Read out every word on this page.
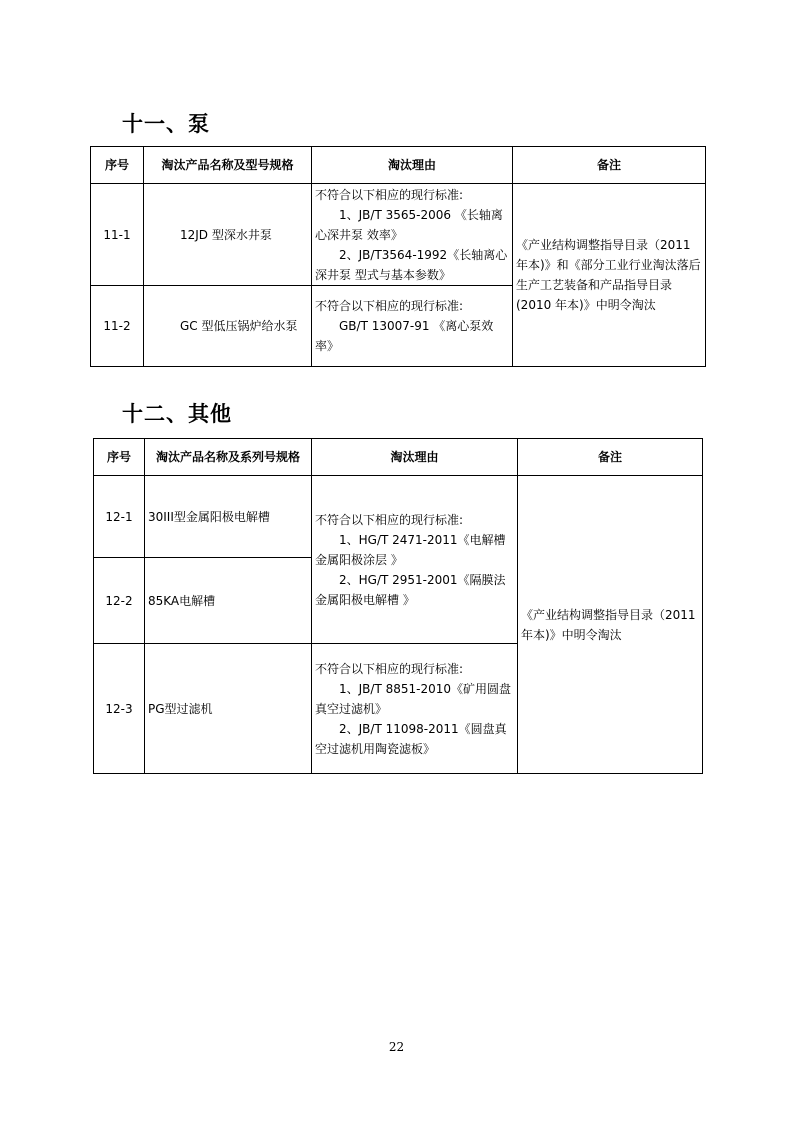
十一、泵
序号	淘汰产品名称及型号规格	淘汰理由	备注
11-1	12JD 型深水井泵	不符合以下相应的现行标准:
1、JB/T 3565-2006 《长轴离心深井泵 效率》
2、JB/T3564-1992《长轴离心深井泵 型式与基本参数》	《产业结构调整指导目录（2011年本)》和《部分工业行业淘汰落后生产工艺装备和产品指导目录(2010 年本)》中明令淘汰
11-2	GC 型低压锅炉给水泵	不符合以下相应的现行标准:
GB/T 13007-91 《离心泵效率》	
十二、其他
序号	淘汰产品名称及系列号规格	淘汰理由	备注
12-1	30III型金属阳极电解槽	不符合以下相应的现行标准:
1、HG/T 2471-2011《电解槽金属阳极涂层 》
2、HG/T 2951-2001《隔膜法金属阳极电解槽 》	《产业结构调整指导目录（2011年本)》中明令淘汰
12-2	85KA电解槽		
12-3	PG型过滤机	不符合以下相应的现行标准:
1、JB/T 8851-2010《矿用圆盘真空过滤机》
2、JB/T 11098-2011《圆盘真空过滤机用陶瓷滤板》	
22
